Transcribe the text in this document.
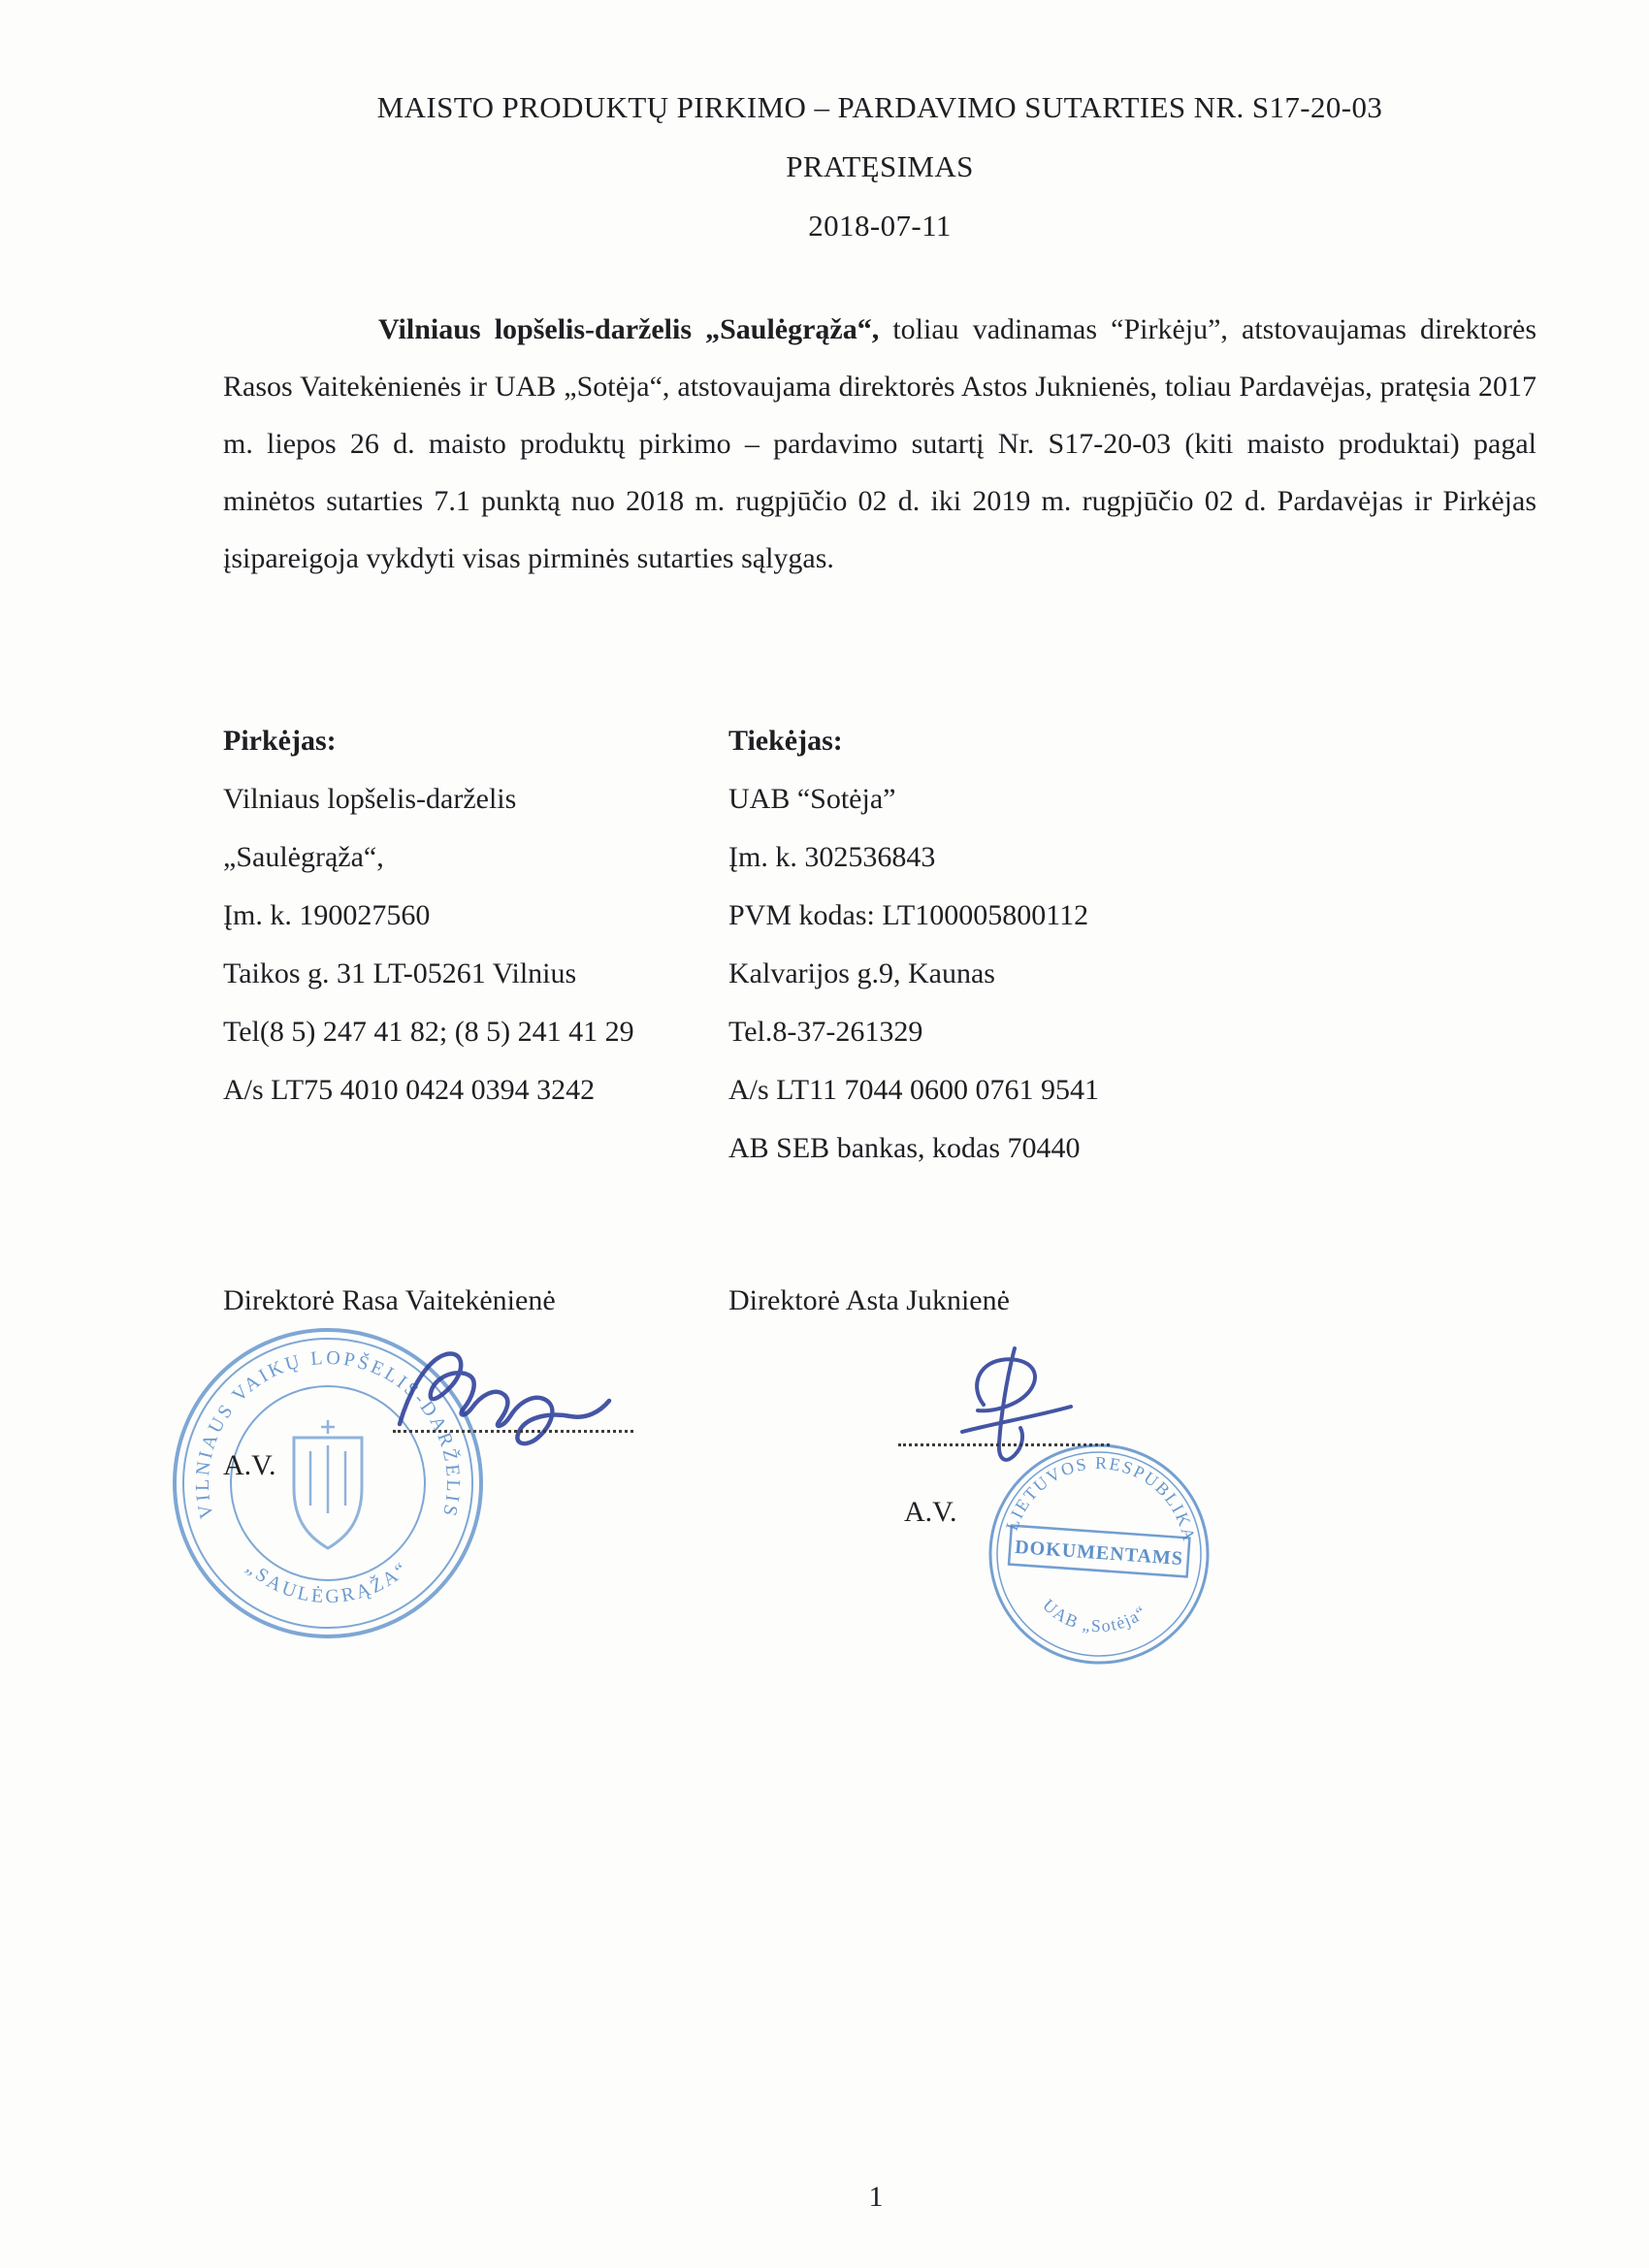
MAISTO PRODUKTŲ PIRKIMO – PARDAVIMO SUTARTIES NR. S17-20-03
PRATĘSIMAS
2018-07-11

Vilniaus lopšelis-darželis „Saulėgrąža“, toliau vadinamas “Pirkėju”, atstovaujamas direktorės Rasos Vaitekėnienės ir UAB „Sotėja“, atstovaujama direktorės Astos Juknienės, toliau Pardavėjas, pratęsia 2017 m. liepos 26 d. maisto produktų pirkimo – pardavimo sutartį Nr. S17-20-03 (kiti maisto produktai) pagal minėtos sutarties 7.1 punktą nuo 2018 m. rugpjūčio 02 d. iki 2019 m. rugpjūčio 02 d. Pardavėjas ir Pirkėjas įsipareigoja vykdyti visas pirminės sutarties sąlygas.

Pirkėjas:
Vilniaus lopšelis-darželis
„Saulėgrąža“,
Įm. k. 190027560
Taikos g. 31 LT-05261 Vilnius
Tel(8 5) 247 41 82; (8 5) 241 41 29
A/s LT75 4010 0424 0394 3242
Tiekėjas:
UAB “Sotėja”
Įm. k. 302536843
PVM kodas: LT100005800112
Kalvarijos g.9, Kaunas
Tel.8-37-261329
A/s LT11 7044 0600 0761 9541
AB SEB bankas, kodas 70440
Direktorė Rasa Vaitekėnienė	Direktorė Asta Juknienė
VILNIAUS VAIKŲ LOPŠELIS-DARŽELIS
„SAULĖGRĄŽA“
LIETUVOS RESPUBLIKA
DOKUMENTAMS
UAB „Sotėja“
A.V.
A.V.
1
